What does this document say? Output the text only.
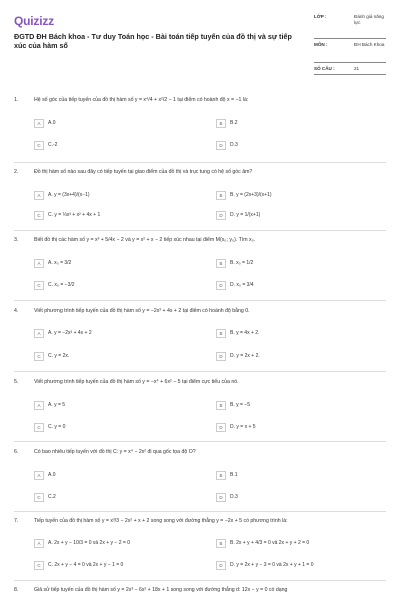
Quizizz
ĐGTD ĐH Bách khoa - Tư duy Toán học - Bài toán tiếp tuyến của đồ thị và sự tiếp xúc của hàm số
LỚP :	Đánh giá năng lực
MÔN :	ĐH Bách Khoa
SỐ CÂU :	21
1.	Hệ số góc của tiếp tuyến của đồ thị hàm số y = x⁴/4 + x²/2 − 1 tại điểm có hoành độ x = −1 là:
A	A.0	B	B.2
C	C.-2	D	D.3
2.	Đồ thị hàm số nào sau đây có tiếp tuyến tại giao điểm của đồ thị và trục tung có hệ số góc âm?
A	A. y = (3x+4)/(x−1)	B	B. y = (2x+3)/(x+1)
C	C. y = ⅓x³ + x² + 4x + 1	D	D. y = 1/(x+1)
3.	Biết đồ thị các hàm số y = x³ + 5/4x − 2 và y = x² + x − 2 tiếp xúc nhau tại điểm M(x₀; y₀). Tìm x₀.
A	A. x₀ = 3/2	B	B. x₀ = 1/2
C	C. x₀ = −3/2	D	D. x₀ = 3/4
4.	Viết phương trình tiếp tuyến của đồ thị hàm số y = −2x³ + 4x + 2 tại điểm có hoành độ bằng 0.
A	A. y = −2x³ + 4x + 2	B	B. y = 4x + 2.
C	C. y = 2x.	D	D. y = 2x + 2.
5.	Viết phương trình tiếp tuyến của đồ thị hàm số y = −x⁴ + 6x² − 5 tại điểm cực tiểu của nó.
A	A. y = 5	B	B. y = −5
C	C. y = 0	D	D. y = x + 5
6.	Có bao nhiêu tiếp tuyến với đồ thị C: y = x⁴ − 2x² đi qua gốc tọa độ O?
A	A.0	B	B.1
C	C.2	D	D.3
7.	Tiếp tuyến của đồ thị hàm số y = x³/3 − 2x² + x + 2 song song với đường thẳng y = −2x + 5 có phương trình là:
A	A. 2x + y − 10/3 = 0 và 2x + y − 2 = 0	B	B. 2x + y + 4/3 = 0 và 2x + y + 2 = 0
C	C. 2x + y − 4 = 0 và 2x + y − 1 = 0	D	D. y = 2x + y − 3 = 0 và 2x + y + 1 = 0
8.	Giả sử tiếp tuyến của đồ thị hàm số y = 2x³ − 6x² + 18x + 1 song song với đường thẳng d: 12x − y = 0 có dạng
